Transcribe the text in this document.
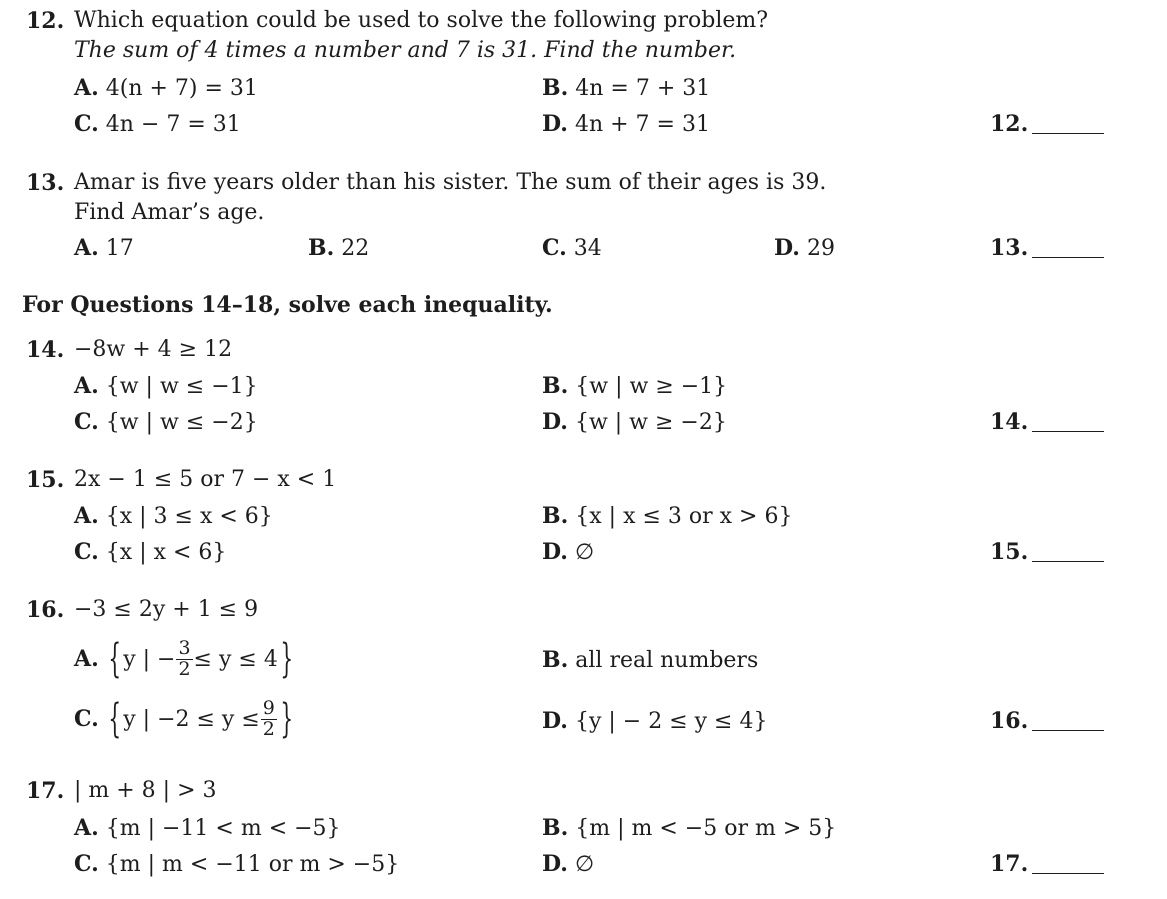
12. Which equation could be used to solve the following problem?
The sum of 4 times a number and 7 is 31. Find the number.
A. 4(n + 7) = 31	B. 4n = 7 + 31
C. 4n − 7 = 31	D. 4n + 7 = 31	12.
13. Amar is five years older than his sister. The sum of their ages is 39.
Find Amar’s age.
A. 17	B. 22	C. 34	D. 29	13.
For Questions 14–18, solve each inequality.
14. −8w + 4 ≥ 12
A. {w | w ≤ −1}	B. {w | w ≥ −1}
C. {w | w ≤ −2}	D. {w | w ≥ −2}	14.
15. 2x − 1 ≤ 5 or 7 − x < 1
A. {x | 3 ≤ x < 6}	B. {x | x ≤ 3 or x > 6}
C. {x | x < 6}	D. ∅	15.
16. −3 ≤ 2y + 1 ≤ 9
A.
{ y | − $\frac{3}{2} \le y \le 4$ }	B. all real numbers
C.
{ y | $-2 \le y \le \frac{9}{2}$ }	D. {y | − 2 ≤ y ≤ 4}	16.
17. | m + 8 | > 3
A. {m | −11 < m < −5}	B. {m | m < −5 or m > 5}
C. {m | m < −11 or m > −5}	D. ∅	17.
